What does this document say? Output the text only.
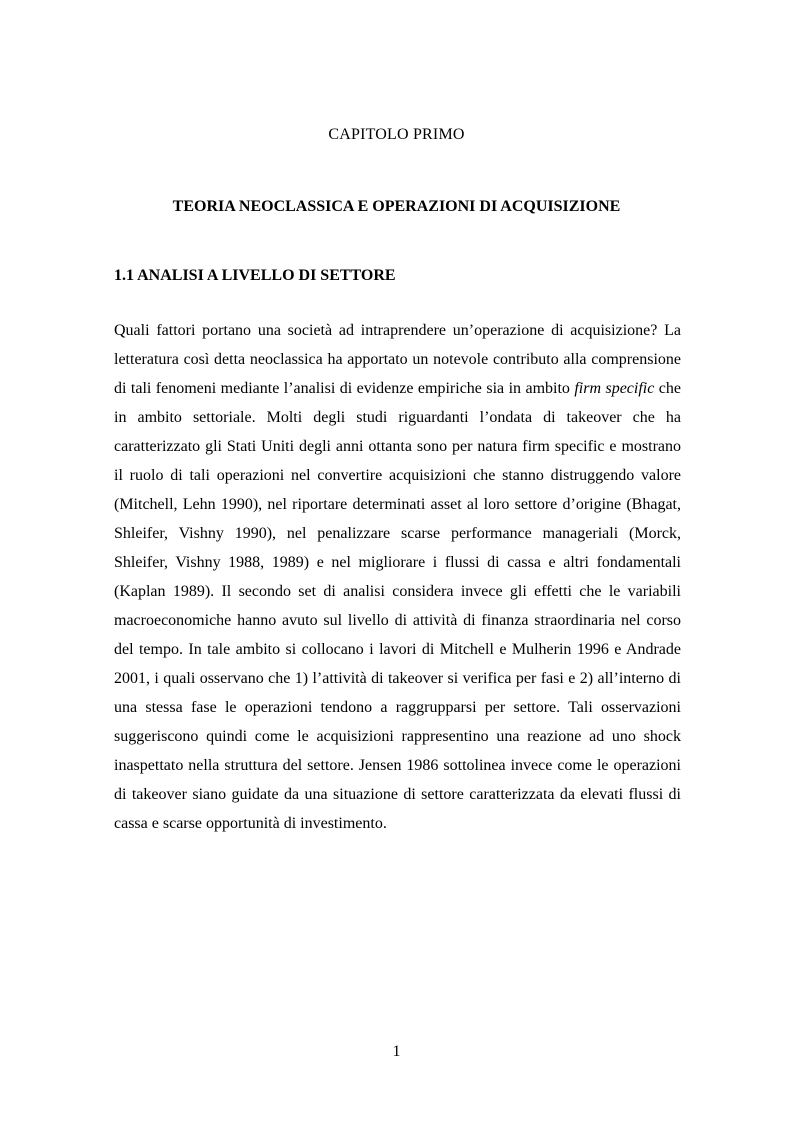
CAPITOLO PRIMO
TEORIA NEOCLASSICA E OPERAZIONI DI ACQUISIZIONE
1.1 ANALISI A LIVELLO DI SETTORE

Quali fattori portano una società ad intraprendere un’operazione di acquisizione? La letteratura così detta neoclassica ha apportato un notevole contributo alla comprensione di tali fenomeni mediante l’analisi di evidenze empiriche sia in ambito firm specific che in ambito settoriale. Molti degli studi riguardanti l’ondata di takeover che ha caratterizzato gli Stati Uniti degli anni ottanta sono per natura firm specific e mostrano il ruolo di tali operazioni nel convertire acquisizioni che stanno distruggendo valore (Mitchell, Lehn 1990), nel riportare determinati asset al loro settore d’origine (Bhagat, Shleifer, Vishny 1990), nel penalizzare scarse performance manageriali (Morck, Shleifer, Vishny 1988, 1989) e nel migliorare i flussi di cassa e altri fondamentali (Kaplan 1989). Il secondo set di analisi considera invece gli effetti che le variabili macroeconomiche hanno avuto sul livello di attività di finanza straordinaria nel corso del tempo. In tale ambito si collocano i lavori di Mitchell e Mulherin 1996 e Andrade 2001, i quali osservano che 1) l’attività di takeover si verifica per fasi e 2) all’interno di una stessa fase le operazioni tendono a raggrupparsi per settore. Tali osservazioni suggeriscono quindi come le acquisizioni rappresentino una reazione ad uno shock inaspettato nella struttura del settore. Jensen 1986 sottolinea invece come le operazioni di takeover siano guidate da una situazione di settore caratterizzata da elevati flussi di cassa e scarse opportunità di investimento.

1
